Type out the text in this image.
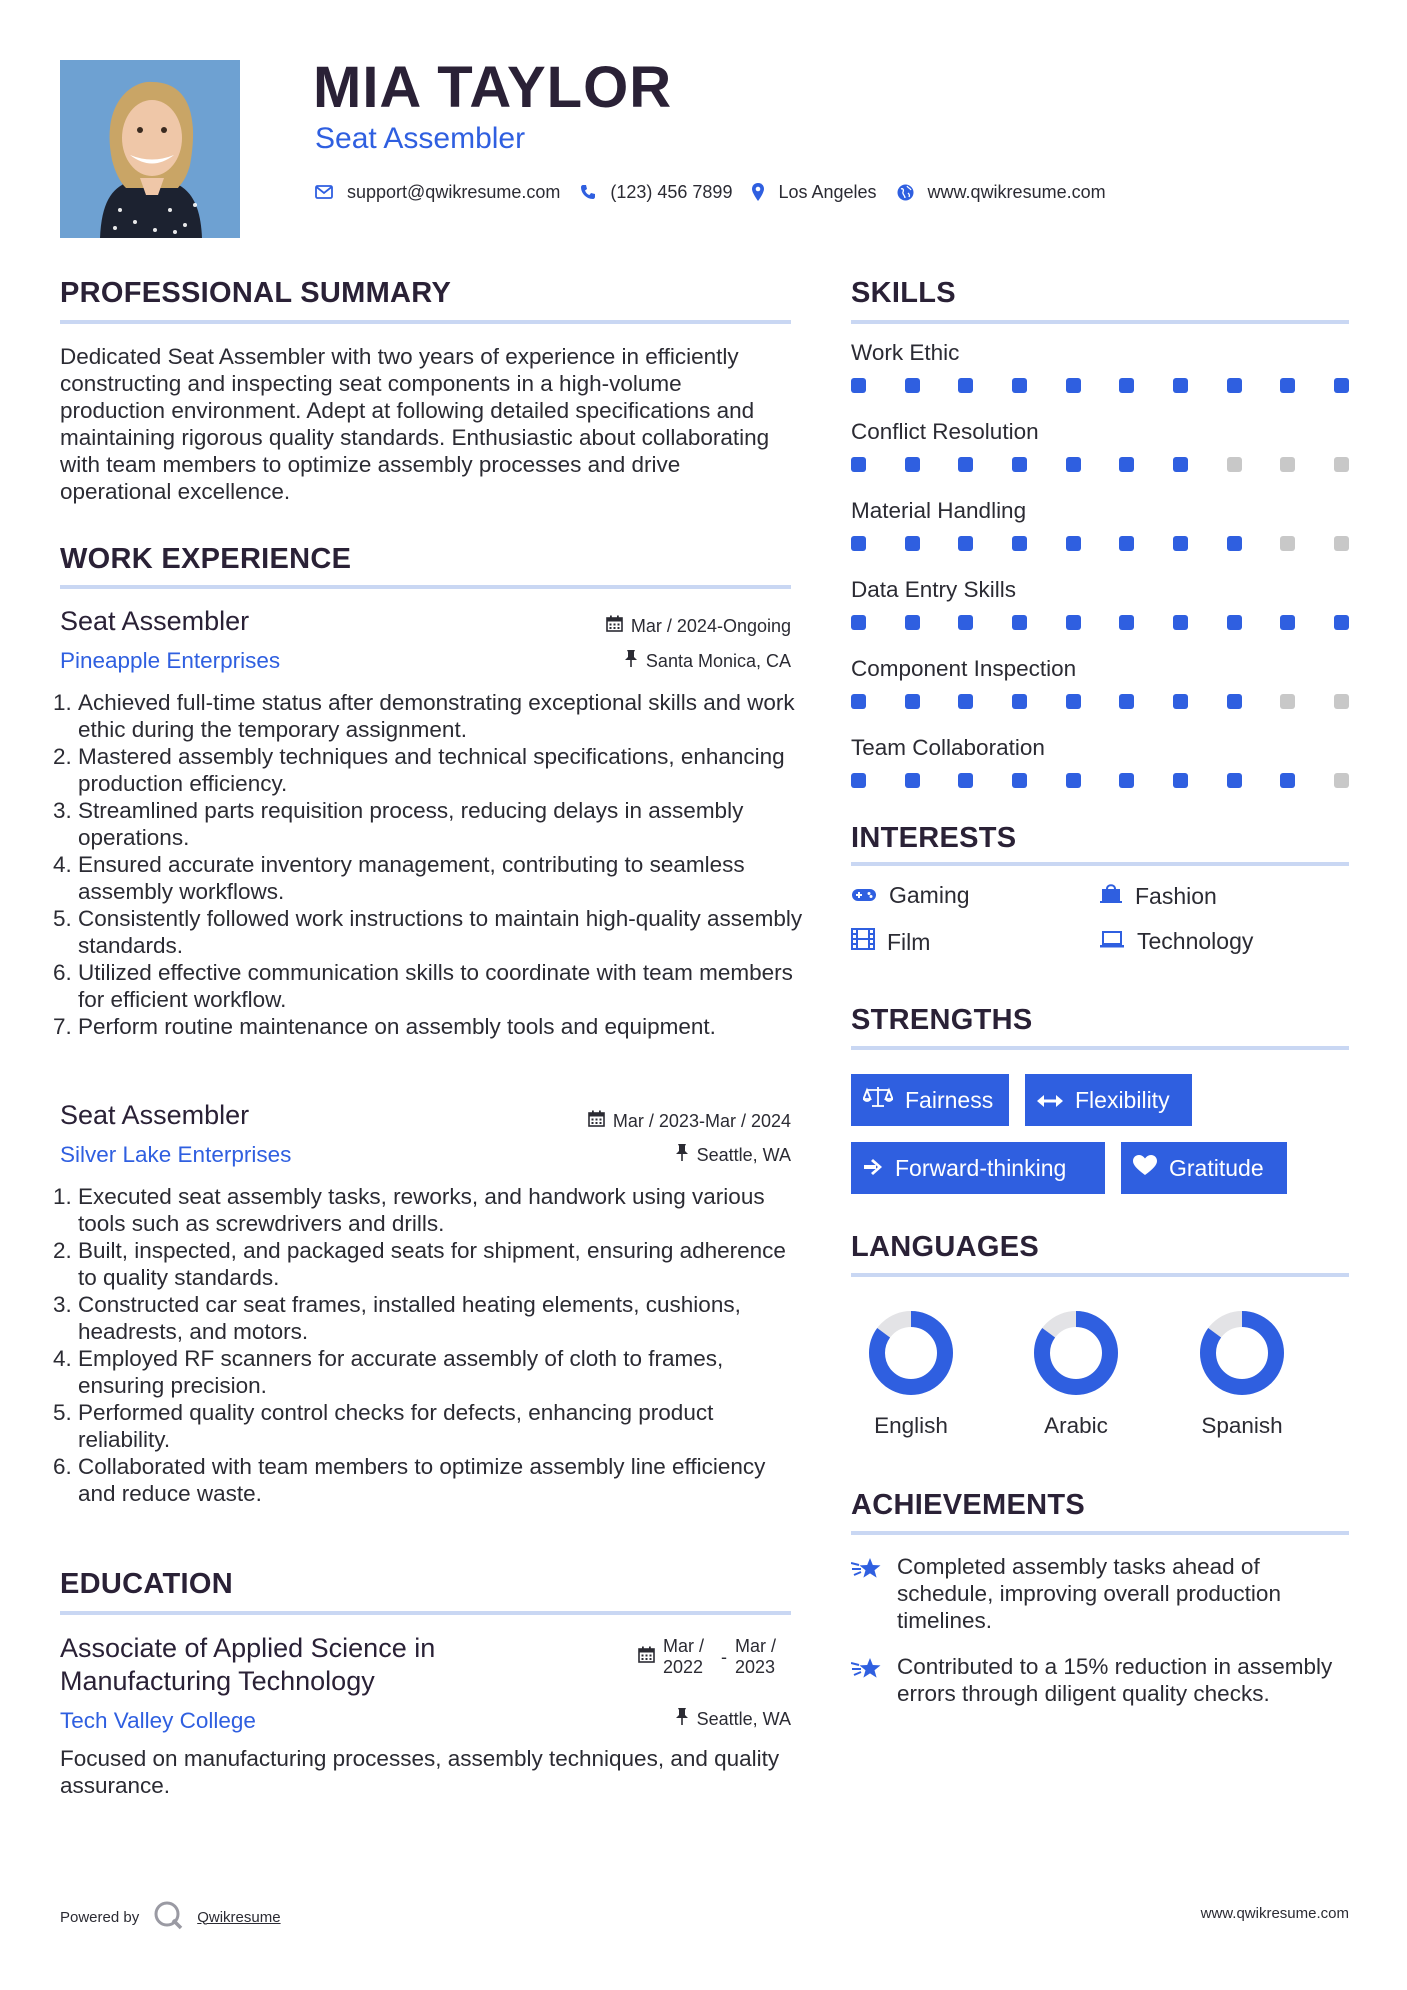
MIA TAYLOR
Seat Assembler
support@qwikresume.com	(123) 456 7899	Los Angeles	www.qwikresume.com
PROFESSIONAL SUMMARY
Dedicated Seat Assembler with two years of experience in efficiently constructing and inspecting seat components in a high-volume production environment. Adept at following detailed specifications and maintaining rigorous quality standards. Enthusiastic about collaborating with team members to optimize assembly processes and drive operational excellence.
WORK EXPERIENCE
Seat Assembler	Mar / 2024-Ongoing
Pineapple Enterprises	Santa Monica, CA
1. Achieved full-time status after demonstrating exceptional skills and work ethic during the temporary assignment.
2. Mastered assembly techniques and technical specifications, enhancing production efficiency.
3. Streamlined parts requisition process, reducing delays in assembly operations.
4. Ensured accurate inventory management, contributing to seamless assembly workflows.
5. Consistently followed work instructions to maintain high-quality assembly standards.
6. Utilized effective communication skills to coordinate with team members for efficient workflow.
7. Perform routine maintenance on assembly tools and equipment.
Seat Assembler	Mar / 2023-Mar / 2024
Silver Lake Enterprises	Seattle, WA
1. Executed seat assembly tasks, reworks, and handwork using various tools such as screwdrivers and drills.
2. Built, inspected, and packaged seats for shipment, ensuring adherence to quality standards.
3. Constructed car seat frames, installed heating elements, cushions, headrests, and motors.
4. Employed RF scanners for accurate assembly of cloth to frames, ensuring precision.
5. Performed quality control checks for defects, enhancing product reliability.
6. Collaborated with team members to optimize assembly line efficiency and reduce waste.
EDUCATION
Associate of Applied Science in Manufacturing Technology
Mar / 2022
-
Mar / 2023
Tech Valley College	Seattle, WA
Focused on manufacturing processes, assembly techniques, and quality assurance.
SKILLS
Work Ethic
Conflict Resolution
Material Handling
Data Entry Skills
Component Inspection
Team Collaboration
INTERESTS
Gaming	Fashion
Film	Technology
STRENGTHS
Fairness	Flexibility
Forward-thinking	Gratitude
LANGUAGES
English	Arabic	Spanish
ACHIEVEMENTS
Completed assembly tasks ahead of schedule, improving overall production timelines.
Contributed to a 15% reduction in assembly errors through diligent quality checks.
Powered by	Qwikresume	www.qwikresume.com
